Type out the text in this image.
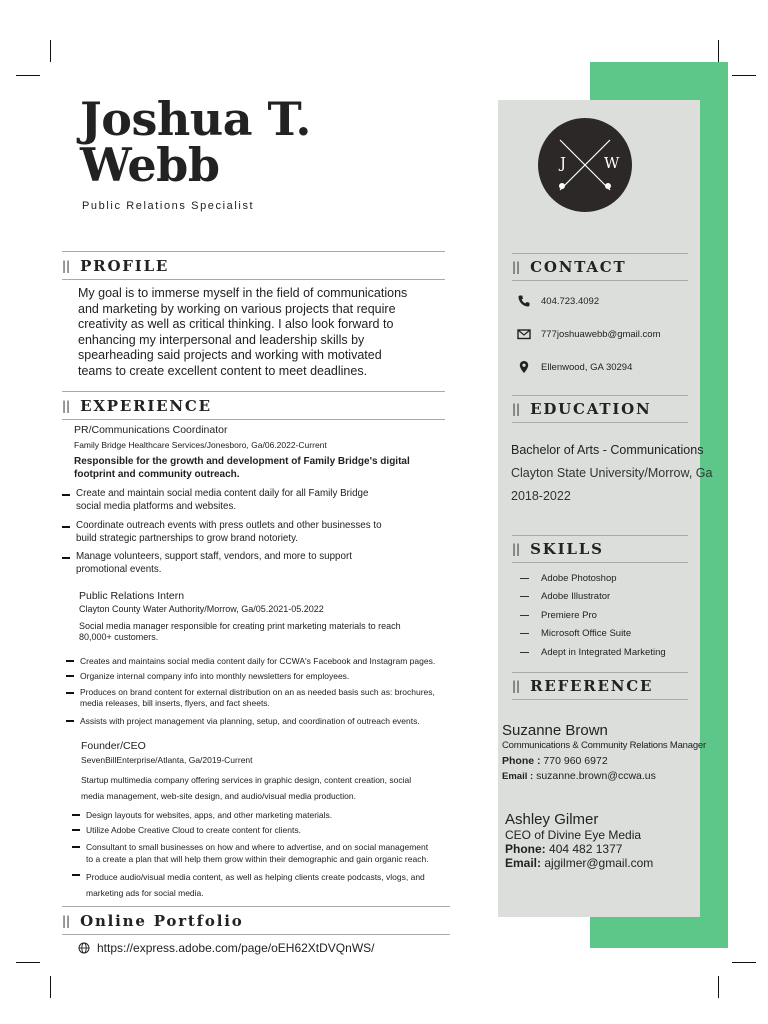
Joshua T.
Webb
Public Relations Specialist
J	W
|| PROFILE
My goal is to immerse myself in the field of communications
and marketing by working on various projects that require
creativity as well as critical thinking. I also look forward to
enhancing my interpersonal and leadership skills by
spearheading said projects and working with motivated
teams to create excellent content to meet deadlines.
|| EXPERIENCE
PR/Communications Coordinator
Family Bridge Healthcare Services/Jonesboro, Ga/06.2022-Current
Responsible for the growth and development of Family Bridge's digital
footprint and community outreach.
Create and maintain social media content daily for all Family Bridge
social media platforms and websites.
Coordinate outreach events with press outlets and other businesses to
build strategic partnerships to grow brand notoriety.
Manage volunteers, support staff, vendors, and more to support
promotional events.
Public Relations Intern
Clayton County Water Authority/Morrow, Ga/05.2021-05.2022
Social media manager responsible for creating print marketing materials to reach
80,000+ customers.
Creates and maintains social media content daily for CCWA's Facebook and Instagram pages.
Organize internal company info into monthly newsletters for employees.
Produces on brand content for external distribution on an as needed basis such as: brochures,
media releases, bill inserts, flyers, and fact sheets.
Assists with project management via planning, setup, and coordination of outreach events.
Founder/CEO
SevenBillEnterprise/Atlanta, Ga/2019-Current
Startup multimedia company offering services in graphic design, content creation, social
media management, web-site design, and audio/visual media production.
Design layouts for websites, apps, and other marketing materials.
Utilize Adobe Creative Cloud to create content for clients.
Consultant to small businesses on how and where to advertise, and on social management
to a create a plan that will help them grow within their demographic and gain organic reach.
Produce audio/visual media content, as well as helping clients create podcasts, vlogs, and
marketing ads for social media.
|| Online Portfolio
https://express.adobe.com/page/oEH62XtDVQnWS/
|| CONTACT
404.723.4092
777joshuawebb@gmail.com
Ellenwood, GA 30294
|| EDUCATION
Bachelor of Arts - Communications
Clayton State University/Morrow, Ga
2018-2022
|| SKILLS
Adobe Photoshop
Adobe Illustrator
Premiere Pro
Microsoft Office Suite
Adept in Integrated Marketing
|| REFERENCE
Suzanne Brown
Communications & Community Relations Manager
Phone : 770 960 6972
Email : suzanne.brown@ccwa.us
Ashley Gilmer
CEO of Divine Eye Media
Phone: 404 482 1377
Email: ajgilmer@gmail.com
